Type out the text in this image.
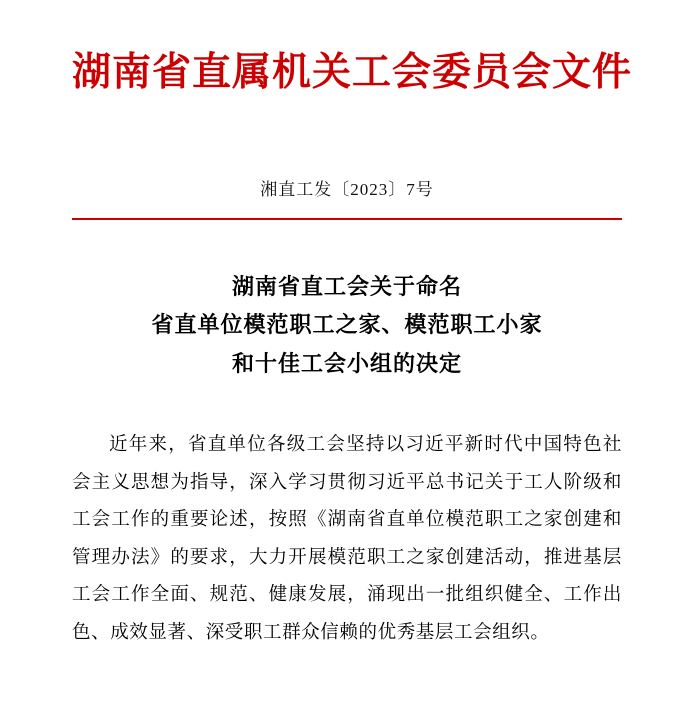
湖南省直属机关工会委员会文件
湘直工发〔2023〕7号
湖南省直工会关于命名
省直单位模范职工之家、模范职工小家
和十佳工会小组的决定

近年来，省直单位各级工会坚持以习近平新时代中国特色社会主义思想为指导，深入学习贯彻习近平总书记关于工人阶级和工会工作的重要论述，按照《湖南省直单位模范职工之家创建和管理办法》的要求，大力开展模范职工之家创建活动，推进基层工会工作全面、规范、健康发展，涌现出一批组织健全、工作出色、成效显著、深受职工群众信赖的优秀基层工会组织。
